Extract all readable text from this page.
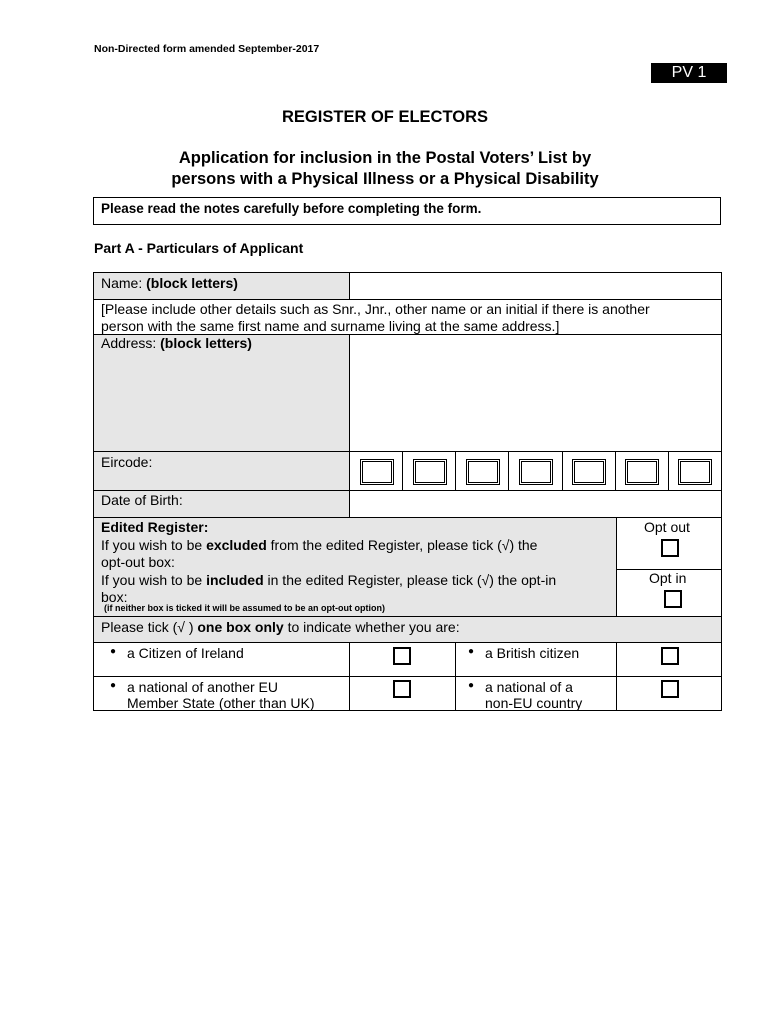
Non-Directed form amended September-2017
PV 1
REGISTER OF ELECTORS
Application for inclusion in the Postal Voters’ List by
persons with a Physical Illness or a Physical Disability
Please read the notes carefully before completing the form.
Part A - Particulars of Applicant
Name: (block letters)
[Please include other details such as Snr., Jnr., other name or an initial if there is another
person with the same first name and surname living at the same address.]
Address: (block letters)
Eircode:
Date of Birth:
Edited Register:
If you wish to be excluded from the edited Register, please tick (√) the
opt-out box:
If you wish to be included in the edited Register, please tick (√) the opt-in
box:
(if neither box is ticked it will be assumed to be an opt-out option)
Opt out
Opt in
Please tick (√ ) one box only to indicate whether you are:
● a Citizen of Ireland	● a British citizen
● a national of another EU
Member State (other than UK)
● a national of a
non-EU country
